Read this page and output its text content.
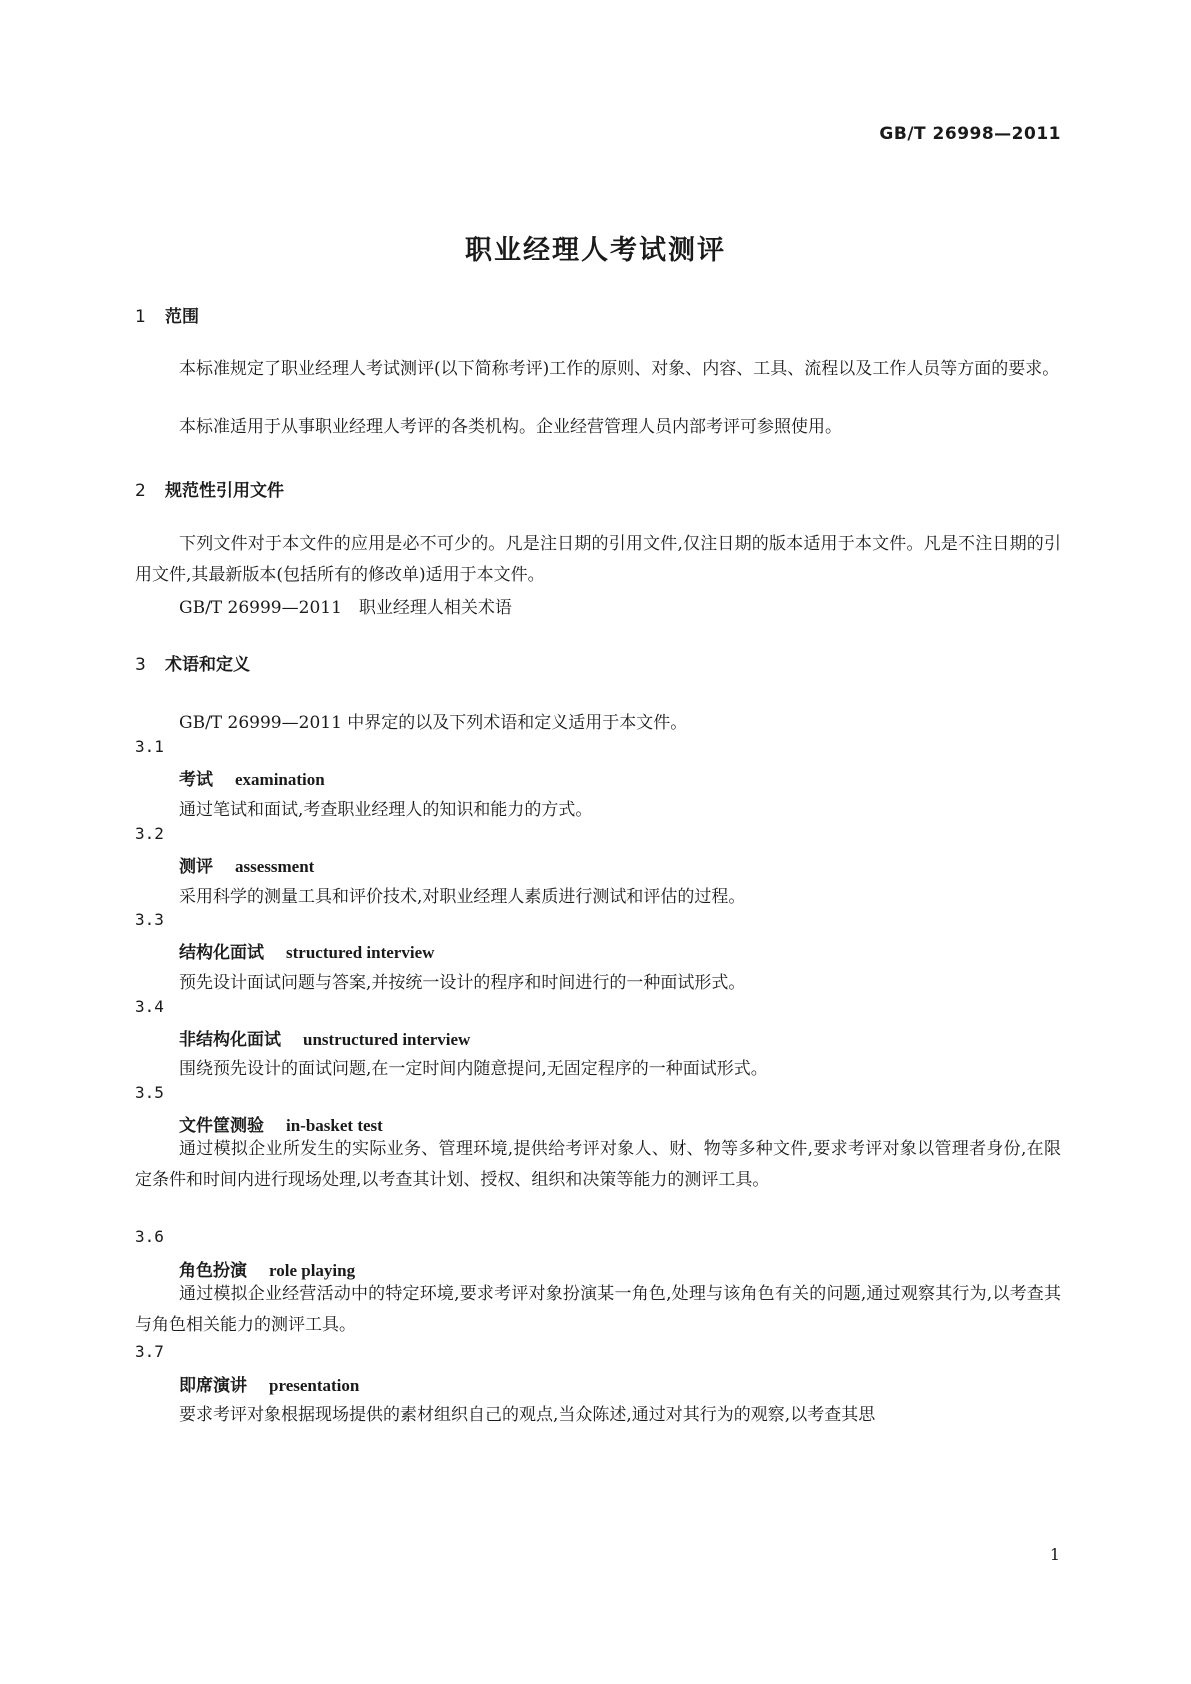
GB/T 26998—2011
职业经理人考试测评
1 范围

本标准规定了职业经理人考试测评(以下简称考评)工作的原则、对象、内容、工具、流程以及工作人员等方面的要求。

本标准适用于从事职业经理人考评的各类机构。企业经营管理人员内部考评可参照使用。

2 规范性引用文件

下列文件对于本文件的应用是必不可少的。凡是注日期的引用文件,仅注日期的版本适用于本文件。凡是不注日期的引用文件,其最新版本(包括所有的修改单)适用于本文件。

GB/T 26999—2011　职业经理人相关术语
3 术语和定义
GB/T 26999—2011 中界定的以及下列术语和定义适用于本文件。
3.1
考试 examination
通过笔试和面试,考查职业经理人的知识和能力的方式。
3.2
测评 assessment
采用科学的测量工具和评价技术,对职业经理人素质进行测试和评估的过程。
3.3
结构化面试 structured interview
预先设计面试问题与答案,并按统一设计的程序和时间进行的一种面试形式。
3.4
非结构化面试 unstructured interview
围绕预先设计的面试问题,在一定时间内随意提问,无固定程序的一种面试形式。
3.5
文件筐测验 in-basket test

通过模拟企业所发生的实际业务、管理环境,提供给考评对象人、财、物等多种文件,要求考评对象以管理者身份,在限定条件和时间内进行现场处理,以考查其计划、授权、组织和决策等能力的测评工具。

3.6
角色扮演 role playing

通过模拟企业经营活动中的特定环境,要求考评对象扮演某一角色,处理与该角色有关的问题,通过观察其行为,以考查其与角色相关能力的测评工具。

3.7
即席演讲 presentation
要求考评对象根据现场提供的素材组织自己的观点,当众陈述,通过对其行为的观察,以考查其思
1
